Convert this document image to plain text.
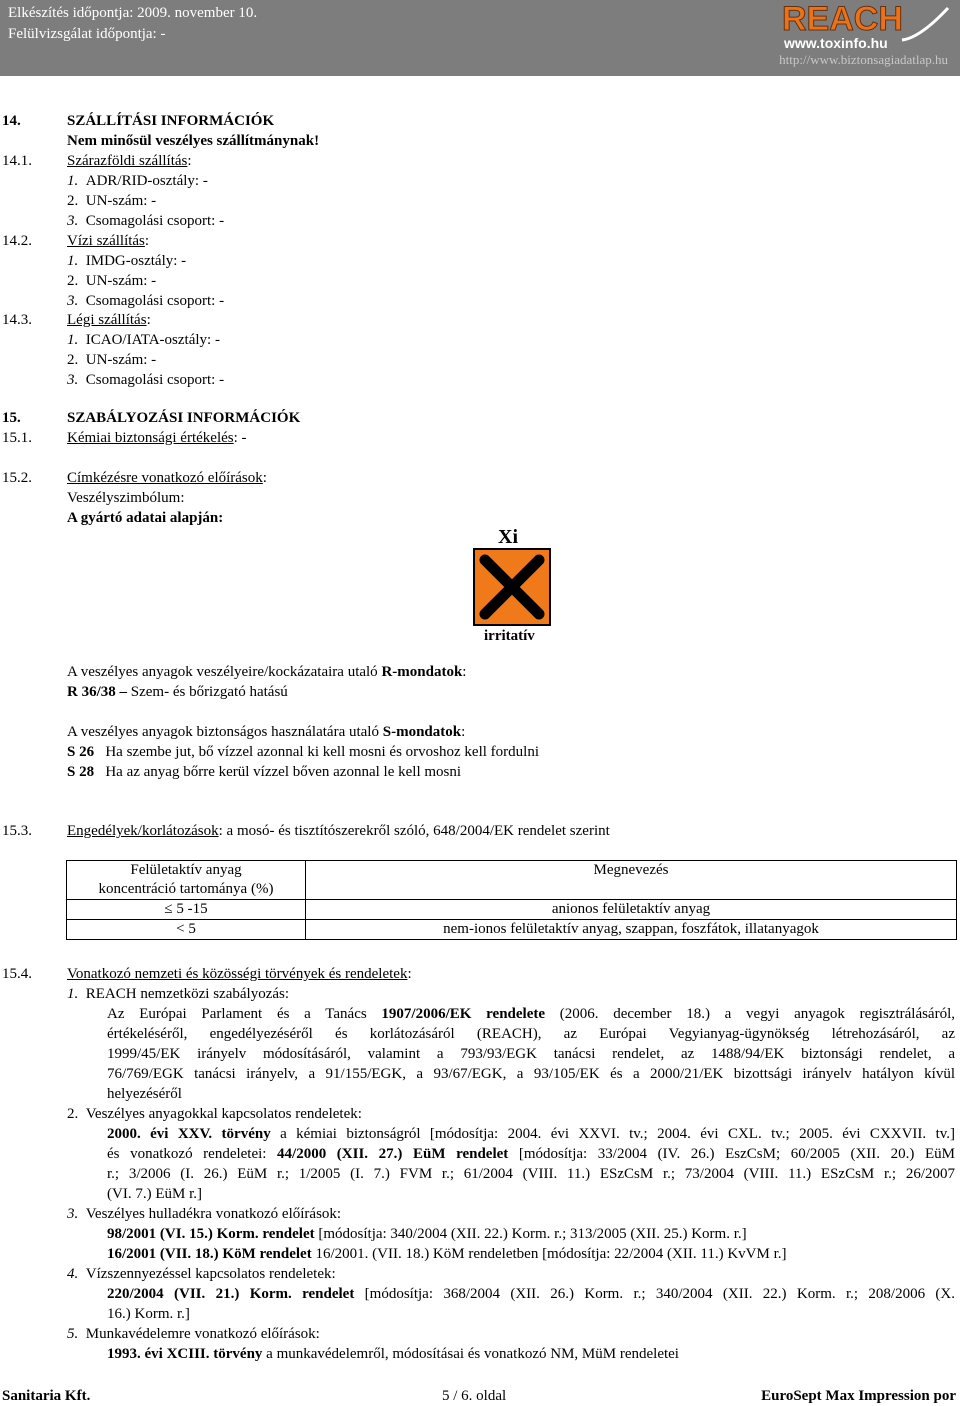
Elkészítés időpontja: 2009. november 10.
Felülvizsgálat időpontja: -	REACH
www.toxinfo.hu
http://www.biztonsagiadatlap.hu
14.	SZÁLLÍTÁSI INFORMÁCIÓK
Nem minősül veszélyes szállítmánynak!
14.1. Szárazföldi szállítás:
1. ADR/RID-osztály: -
2. UN-szám: -
3. Csomagolási csoport: -
14.2. Vízi szállítás:
1. IMDG-osztály: -
2. UN-szám: -
3. Csomagolási csoport: -
14.3. Légi szállítás:
1. ICAO/IATA-osztály: -
2. UN-szám: -
3. Csomagolási csoport: -
15.	SZABÁLYOZÁSI INFORMÁCIÓK
15.1. Kémiai biztonsági értékelés: -
15.2. Címkézésre vonatkozó előírások:
Veszélyszimbólum:
A gyártó adatai alapján:
Xi
irritatív
A veszélyes anyagok veszélyeire/kockázataira utaló R-mondatok:
R 36/38 – Szem- és bőrizgató hatású
A veszélyes anyagok biztonságos használatára utaló S-mondatok:
S 26 Ha szembe jut, bő vízzel azonnal ki kell mosni és orvoshoz kell fordulni
S 28 Ha az anyag bőrre kerül vízzel bőven azonnal le kell mosni
15.3. Engedélyek/korlátozások: a mosó- és tisztítószerekről szóló, 648/2004/EK rendelet szerint
Felületaktív anyag
koncentráció tartománya (%)	Megnevezés
≤ 5 -15	anionos felületaktív anyag
< 5	nem-ionos felületaktív anyag, szappan, foszfátok, illatanyagok
15.4. Vonatkozó nemzeti és közösségi törvények és rendeletek:
1. REACH nemzetközi szabályozás:
Az Európai Parlament és a Tanács 1907/2006/EK rendelete (2006. december 18.) a vegyi anyagok regisztrálásáról,
értékeléséről, engedélyezéséről és korlátozásáról (REACH), az Európai Vegyianyag-ügynökség létrehozásáról, az
1999/45/EK irányelv módosításáról, valamint a 793/93/EGK tanácsi rendelet, az 1488/94/EK biztonsági rendelet, a
76/769/EGK tanácsi irányelv, a 91/155/EGK, a 93/67/EGK, a 93/105/EK és a 2000/21/EK bizottsági irányelv hatályon kívül
helyezéséről
2. Veszélyes anyagokkal kapcsolatos rendeletek:
2000. évi XXV. törvény a kémiai biztonságról [módosítja: 2004. évi XXVI. tv.; 2004. évi CXL. tv.; 2005. évi CXXVII. tv.]
és vonatkozó rendeletei: 44/2000 (XII. 27.) EüM rendelet [módosítja: 33/2004 (IV. 26.) EszCsM; 60/2005 (XII. 20.) EüM
r.; 3/2006 (I. 26.) EüM r.; 1/2005 (I. 7.) FVM r.; 61/2004 (VIII. 11.) ESzCsM r.; 73/2004 (VIII. 11.) ESzCsM r.; 26/2007
(VI. 7.) EüM r.]
3. Veszélyes hulladékra vonatkozó előírások:
98/2001 (VI. 15.) Korm. rendelet [módosítja: 340/2004 (XII. 22.) Korm. r.; 313/2005 (XII. 25.) Korm. r.]
16/2001 (VII. 18.) KöM rendelet 16/2001. (VII. 18.) KöM rendeletben [módosítja: 22/2004 (XII. 11.) KvVM r.]
4. Vízszennyezéssel kapcsolatos rendeletek:
220/2004 (VII. 21.) Korm. rendelet [módosítja: 368/2004 (XII. 26.) Korm. r.; 340/2004 (XII. 22.) Korm. r.; 208/2006 (X.
16.) Korm. r.]
5. Munkavédelemre vonatkozó előírások:
1993. évi XCIII. törvény a munkavédelemről, módosításai és vonatkozó NM, MüM rendeletei
Sanitaria Kft.	5 / 6. oldal	EuroSept Max Impression por
